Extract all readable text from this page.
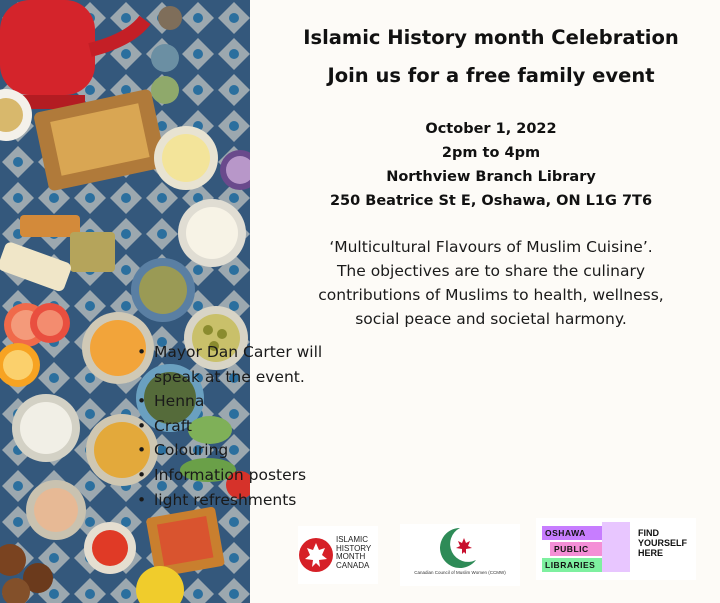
Islamic History month Celebration
Join us for a free family event
October 1, 2022
2pm to 4pm
Northview Branch Library
250 Beatrice St E, Oshawa, ON L1G 7T6
‘Multicultural Flavours of Muslim Cuisine’.
The objectives are to share the culinary
contributions of Muslims to health, wellness,
social peace and societal harmony.
• Mayor Dan Carter will
speak at the event.
• Henna
• Craft
• Colouring
• Information posters
• light refreshments
ISLAMIC
HISTORY
MONTH
CANADA
Canadian Council of Muslim Women (CCMW)
OSHAWA
PUBLIC
LIBRARIES
FIND
YOURSELF
HERE
